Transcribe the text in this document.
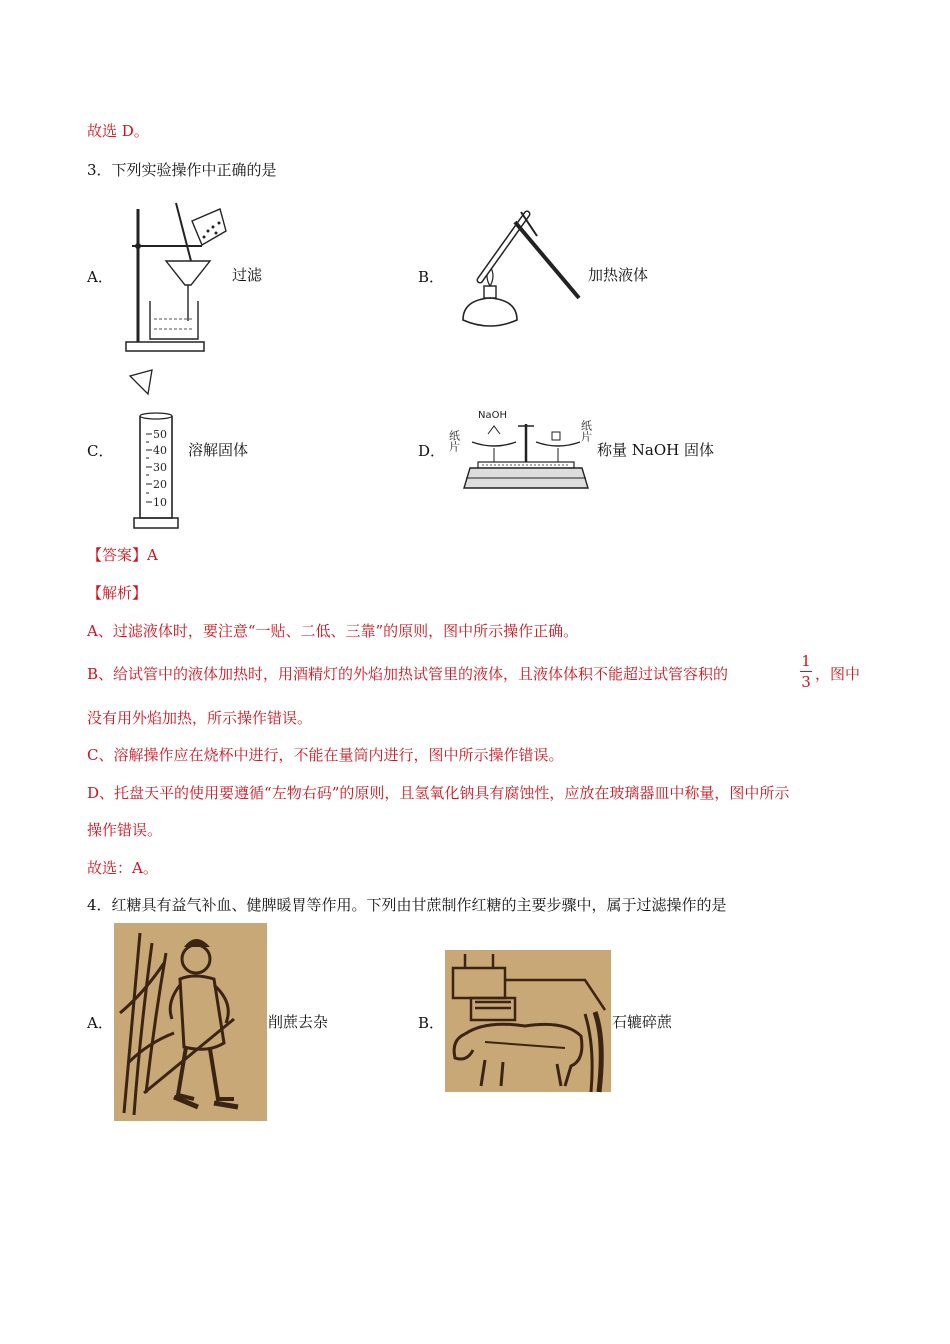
故选 D。
3．下列实验操作中正确的是
A．	过滤	B．	加热液体
C．
50
40
30
20
10
溶解固体	D．
NaOH
纸片	纸片
称量 NaOH 固体
【答案】A
【解析】
A、过滤液体时，要注意“一贴、二低、三靠”的原则，图中所示操作正确。
B、给试管中的液体加热时，用酒精灯的外焰加热试管里的液体，且液体体积不能超过试管容积的
1
3 ，图中
没有用外焰加热，所示操作错误。
C、溶解操作应在烧杯中进行，不能在量筒内进行，图中所示操作错误。
D、托盘天平的使用要遵循“左物右码”的原则，且氢氧化钠具有腐蚀性，应放在玻璃器皿中称量，图中所示
操作错误。
故选：A。
4．红糖具有益气补血、健脾暖胃等作用。下列由甘蔗制作红糖的主要步骤中，属于过滤操作的是
A．	削蔗去杂	B．	石辘碎蔗
